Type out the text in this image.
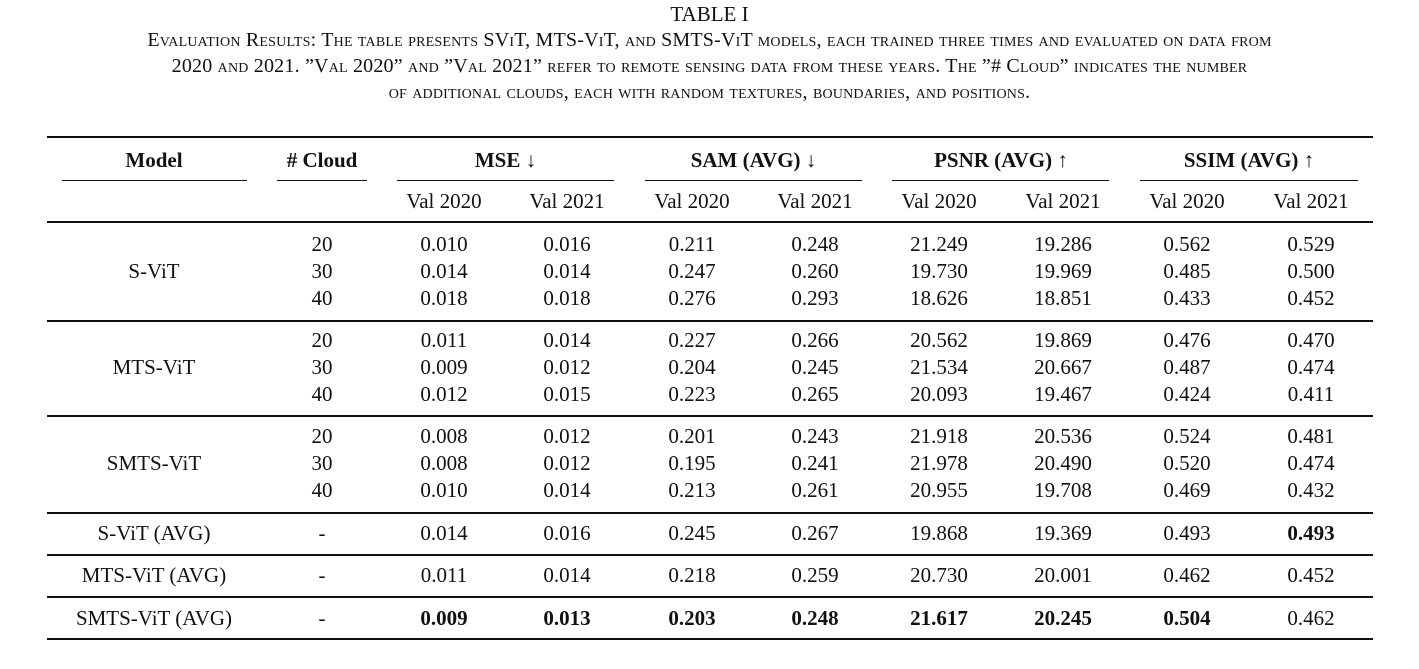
TABLE I
Evaluation Results: The table presents SViT, MTS-ViT, and SMTS-ViT models, each trained three times and evaluated on data from
2020 and 2021. ”Val 2020” and ”Val 2021” refer to remote sensing data from these years. The ”# Cloud” indicates the number
of additional clouds, each with random textures, boundaries, and positions.
Model	# Cloud	MSE ↓	SAM (AVG) ↓	PSNR (AVG) ↑	SSIM (AVG) ↑
Val 2020	Val 2021	Val 2020	Val 2021	Val 2020	Val 2021	Val 2020	Val 2021
S-ViT
20	0.010	0.016	0.211	0.248	21.249	19.286	0.562	0.529
30	0.014	0.014	0.247	0.260	19.730	19.969	0.485	0.500
40	0.018	0.018	0.276	0.293	18.626	18.851	0.433	0.452
MTS-ViT
20	0.011	0.014	0.227	0.266	20.562	19.869	0.476	0.470
30	0.009	0.012	0.204	0.245	21.534	20.667	0.487	0.474
40	0.012	0.015	0.223	0.265	20.093	19.467	0.424	0.411
SMTS-ViT
20	0.008	0.012	0.201	0.243	21.918	20.536	0.524	0.481
30	0.008	0.012	0.195	0.241	21.978	20.490	0.520	0.474
40	0.010	0.014	0.213	0.261	20.955	19.708	0.469	0.432
S-ViT (AVG)	-	0.014	0.016	0.245	0.267	19.868	19.369	0.493	0.493
MTS-ViT (AVG)	-	0.011	0.014	0.218	0.259	20.730	20.001	0.462	0.452
SMTS-ViT (AVG)	-	0.009	0.013	0.203	0.248	21.617	20.245	0.504	0.462
